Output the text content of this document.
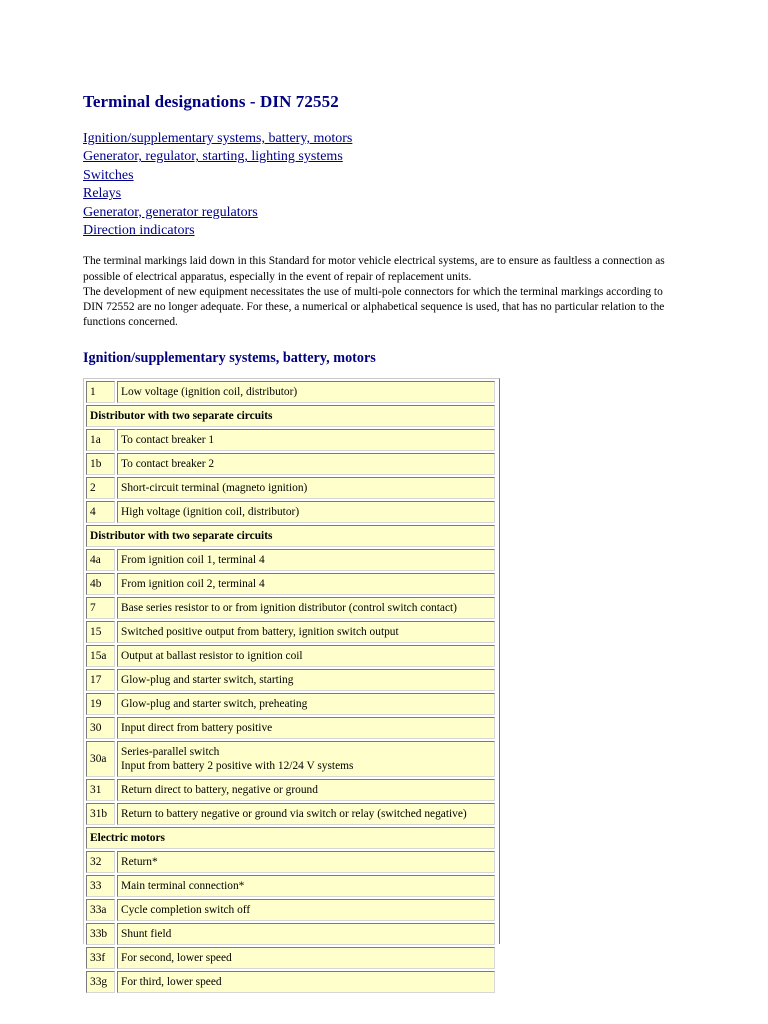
Terminal designations - DIN 72552
Ignition/supplementary systems, battery, motors
Generator, regulator, starting, lighting systems
Switches
Relays
Generator, generator regulators
Direction indicators

The terminal markings laid down in this Standard for motor vehicle electrical systems, are to ensure as faultless a connection as possible of electrical apparatus, especially in the event of repair of replacement units.

The development of new equipment necessitates the use of multi-pole connectors for which the terminal markings according to DIN 72552 are no longer adequate. For these, a numerical or alphabetical sequence is used, that has no particular relation to the functions concerned.

Ignition/supplementary systems, battery, motors
1	Low voltage (ignition coil, distributor)
Distributor with two separate circuits	
1a	To contact breaker 1
1b	To contact breaker 2
2	Short-circuit terminal (magneto ignition)
4	High voltage (ignition coil, distributor)
Distributor with two separate circuits	
4a	From ignition coil 1, terminal 4
4b	From ignition coil 2, terminal 4
7	Base series resistor to or from ignition distributor (control switch contact)
15	Switched positive output from battery, ignition switch output
15a	Output at ballast resistor to ignition coil
17	Glow-plug and starter switch, starting
19	Glow-plug and starter switch, preheating
30	Input direct from battery positive
30a	Series-parallel switch
Input from battery 2 positive with 12/24 V systems
31	Return direct to battery, negative or ground
31b	Return to battery negative or ground via switch or relay (switched negative)
Electric motors	
32	Return*
33	Main terminal connection*
33a	Cycle completion switch off
33b	Shunt field
33f	For second, lower speed
33g	For third, lower speed
